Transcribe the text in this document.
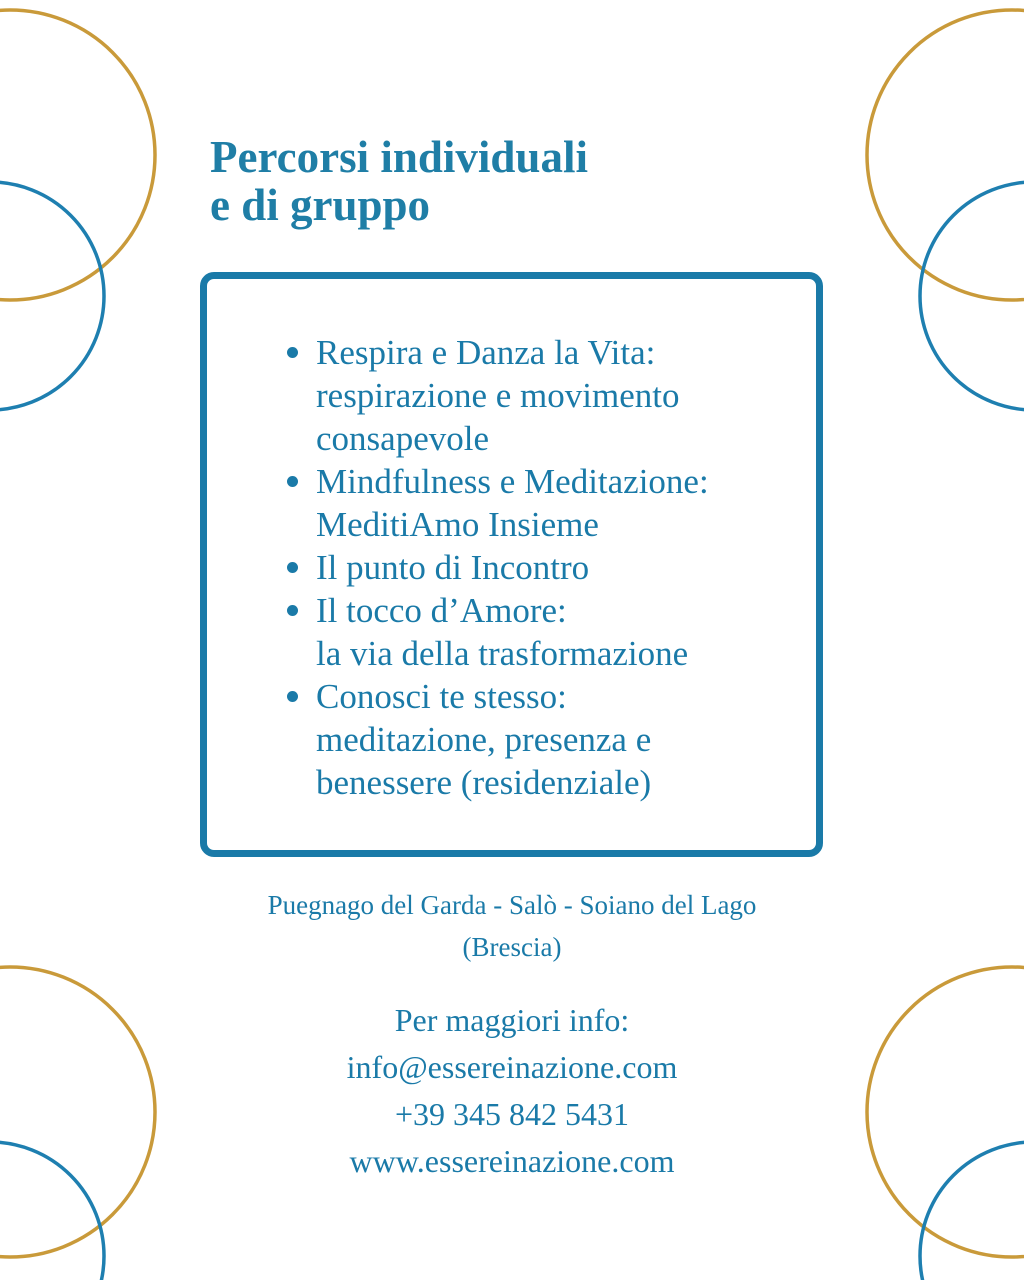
Percorsi individuali
e di gruppo
Respira e Danza la Vita:
respirazione e movimento
consapevole
Mindfulness e Meditazione:
MeditiAmo Insieme
Il punto di Incontro
Il tocco d’Amore:
la via della trasformazione
Conosci te stesso:
meditazione, presenza e
benessere (residenziale)
Puegnago del Garda - Salò - Soiano del Lago
(Brescia)
Per maggiori info:
info@essereinazione.com
+39 345 842 5431
www.essereinazione.com
